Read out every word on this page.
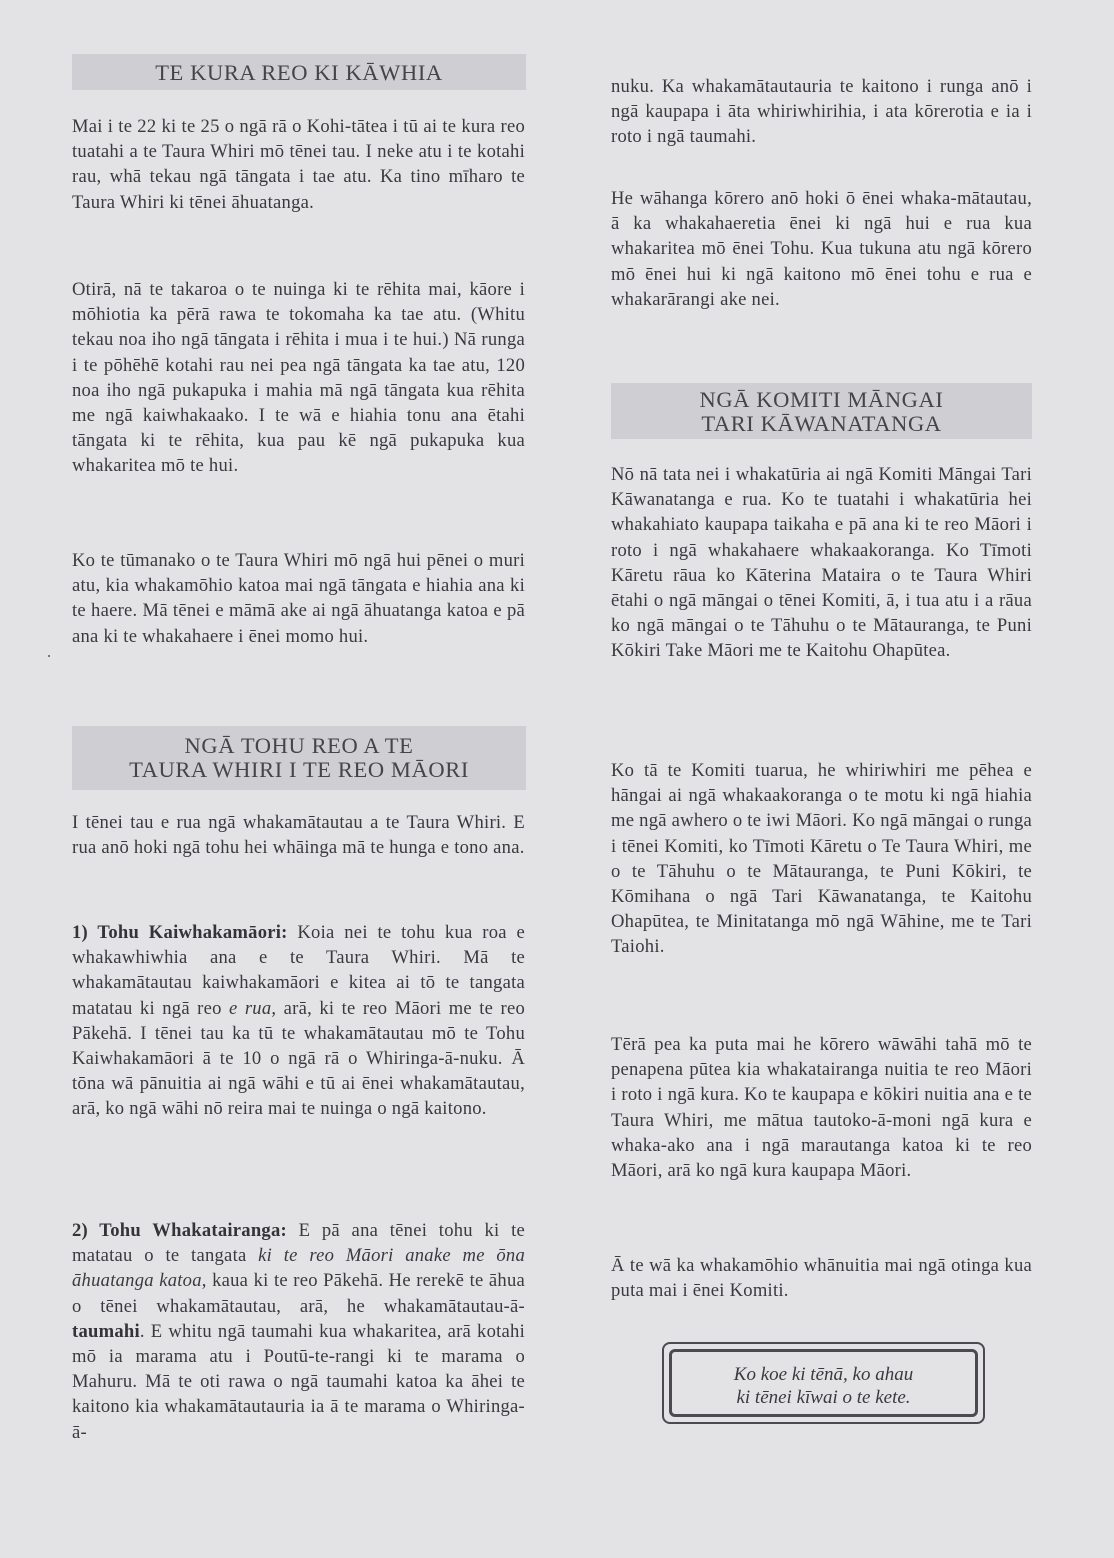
TE KURA REO KI KĀWHIA

Mai i te 22 ki te 25 o ngā rā o Kohi-tātea i tū ai te kura reo tuatahi a te Taura Whiri mō tēnei tau. I neke atu i te kotahi rau, whā tekau ngā tāngata i tae atu. Ka tino mīharo te Taura Whiri ki tēnei āhuatanga.

Otirā, nā te takaroa o te nuinga ki te rēhita mai, kāore i mōhiotia ka pērā rawa te tokomaha ka tae atu. (Whitu tekau noa iho ngā tāngata i rēhita i mua i te hui.) Nā runga i te pōhēhē kotahi rau nei pea ngā tāngata ka tae atu, 120 noa iho ngā pukapuka i mahia mā ngā tāngata kua rēhita me ngā kaiwhakaako. I te wā e hiahia tonu ana ētahi tāngata ki te rēhita, kua pau kē ngā pukapuka kua whakaritea mō te hui.

Ko te tūmanako o te Taura Whiri mō ngā hui pēnei o muri atu, kia whakamōhio katoa mai ngā tāngata e hiahia ana ki te haere. Mā tēnei e māmā ake ai ngā āhuatanga katoa e pā ana ki te whakahaere i ēnei momo hui.

NGĀ TOHU REO A TE
TAURA WHIRI I TE REO MĀORI

I tēnei tau e rua ngā whakamātautau a te Taura Whiri. E rua anō hoki ngā tohu hei whāinga mā te hunga e tono ana.

1) Tohu Kaiwhakamāori: Koia nei te tohu kua roa e whakawhiwhia ana e te Taura Whiri. Mā te whakamātautau kaiwhakamāori e kitea ai tō te tangata matatau ki ngā reo e rua, arā, ki te reo Māori me te reo Pākehā. I tēnei tau ka tū te whakamātautau mō te Tohu Kaiwhakamāori ā te 10 o ngā rā o Whiringa-ā-nuku. Ā tōna wā pānuitia ai ngā wāhi e tū ai ēnei whakamātautau, arā, ko ngā wāhi nō reira mai te nuinga o ngā kaitono.

2) Tohu Whakatairanga: E pā ana tēnei tohu ki te matatau o te tangata ki te reo Māori anake me ōna āhuatanga katoa, kaua ki te reo Pākehā. He rerekē te āhua o tēnei whakamātautau, arā, he whakamātautau-ā-taumahi. E whitu ngā taumahi kua whakaritea, arā kotahi mō ia marama atu i Poutū-te-rangi ki te marama o Mahuru. Mā te oti rawa o ngā taumahi katoa ka āhei te kaitono kia whakamātautauria ia ā te marama o Whiringa-ā-

nuku. Ka whakamātautauria te kaitono i runga anō i ngā kaupapa i āta whiriwhirihia, i ata kōrerotia e ia i roto i ngā taumahi.

He wāhanga kōrero anō hoki ō ēnei whaka-mātautau, ā ka whakahaeretia ēnei ki ngā hui e rua kua whakaritea mō ēnei Tohu. Kua tukuna atu ngā kōrero mō ēnei hui ki ngā kaitono mō ēnei tohu e rua e whakarārangi ake nei.

NGĀ KOMITI MĀNGAI
TARI KĀWANATANGA

Nō nā tata nei i whakatūria ai ngā Komiti Māngai Tari Kāwanatanga e rua. Ko te tuatahi i whakatūria hei whakahiato kaupapa taikaha e pā ana ki te reo Māori i roto i ngā whakahaere whakaakoranga. Ko Tīmoti Kāretu rāua ko Kāterina Mataira o te Taura Whiri ētahi o ngā māngai o tēnei Komiti, ā, i tua atu i a rāua ko ngā māngai o te Tāhuhu o te Mātauranga, te Puni Kōkiri Take Māori me te Kaitohu Ohapūtea.

Ko tā te Komiti tuarua, he whiriwhiri me pēhea e hāngai ai ngā whakaakoranga o te motu ki ngā hiahia me ngā awhero o te iwi Māori. Ko ngā māngai o runga i tēnei Komiti, ko Tīmoti Kāretu o Te Taura Whiri, me o te Tāhuhu o te Mātauranga, te Puni Kōkiri, te Kōmihana o ngā Tari Kāwanatanga, te Kaitohu Ohapūtea, te Minitatanga mō ngā Wāhine, me te Tari Taiohi.

Tērā pea ka puta mai he kōrero wāwāhi tahā mō te penapena pūtea kia whakatairanga nuitia te reo Māori i roto i ngā kura. Ko te kaupapa e kōkiri nuitia ana e te Taura Whiri, me mātua tautoko-ā-moni ngā kura e whaka-ako ana i ngā marautanga katoa ki te reo Māori, arā ko ngā kura kaupapa Māori.

Ā te wā ka whakamōhio whānuitia mai ngā otinga kua puta mai i ēnei Komiti.

Ko koe ki tēnā, ko ahau
ki tēnei kīwai o te kete.
